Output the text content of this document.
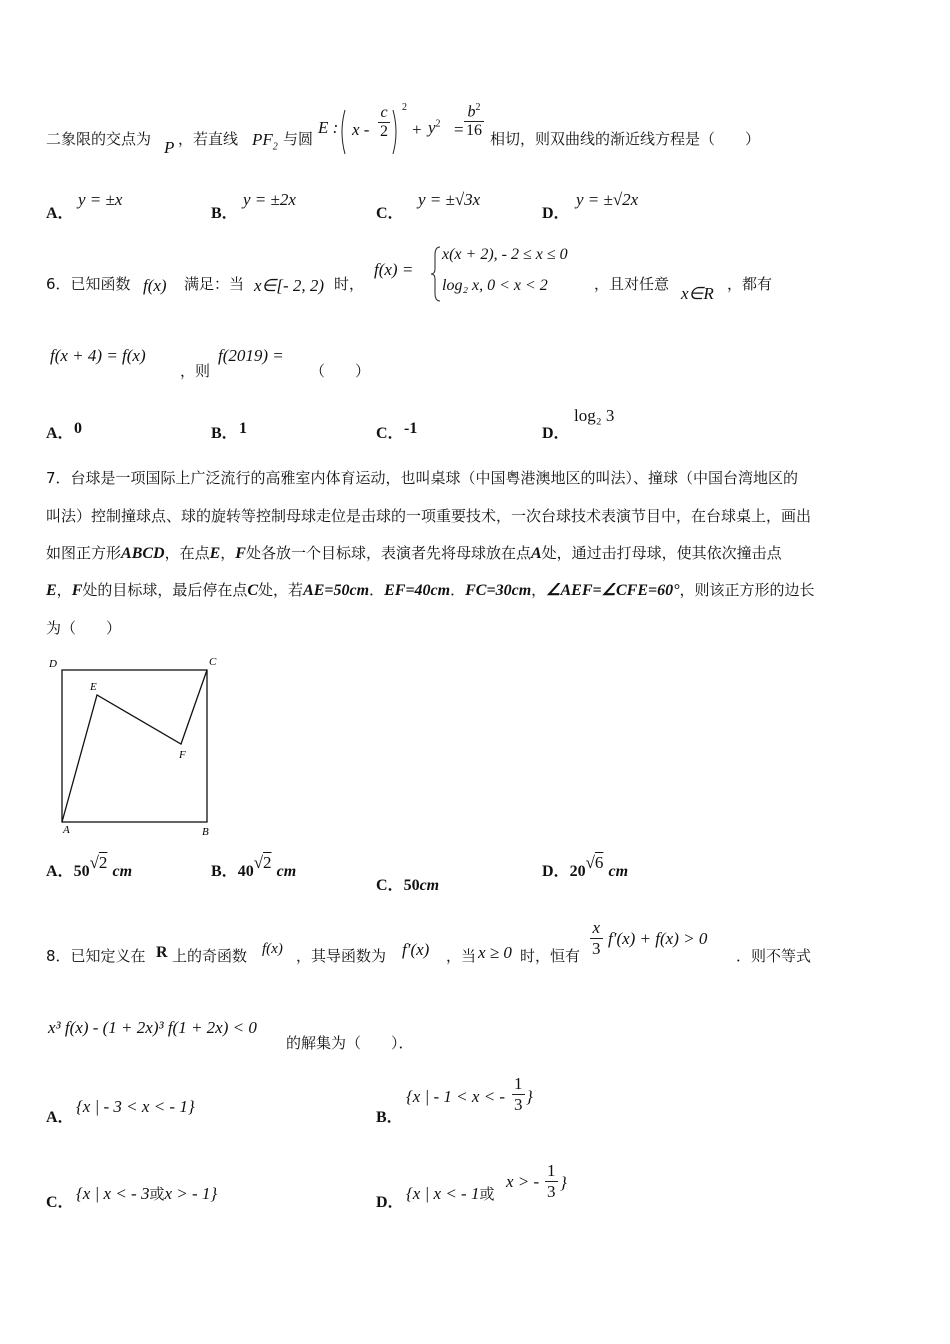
二象限的交点为 P ，若直线 $PF_2$ 与圆
E : x - $\frac{c}{2} 2$
+ $y^2 = \frac{b^2}{16}$ 相切，则双曲线的渐近线方程是（　　）
A．
y = ±x
B．
y = ±2x
C．
y = ±√3x
D．
y = ±√2x
6．已知函数 f(x) 满足：当 x∈[- 2, 2) 时，
f(x) =
x(x + 2), - 2 ≤ x ≤ 0
log₂ x, 0 < x < 2	，且对任意 x∈R ，都有
f(x + 4) = f(x)
，则
f(2019) =
（　　）
A． 0	B． 1	C． -1	D．
log₂ 3
7．台球是一项国际上广泛流行的高雅室内体育运动，也叫桌球（中国粤港澳地区的叫法）、撞球（中国台湾地区的
叫法）控制撞球点、球的旋转等控制母球走位是击球的一项重要技术，一次台球技术表演节目中，在台球桌上，画出
如图正方形ABCD，在点E，F处各放一个目标球，表演者先将母球放在点A处，通过击打母球，使其依次撞击点
E，F处的目标球，最后停在点C处，若AE=50cm．EF=40cm．FC=30cm，∠AEF=∠CFE=60°，则该正方形的边长
为（　　）
D	C
E
F
A	B
A．50√2 cm	B．40√2 cm
C．50cm
D．20√6 cm
8．已知定义在 R 上的奇函数 f(x) ，其导函数为 f′(x) ，当 x ≥ 0 时，恒有 $\frac{x}{3} f'(x) + f(x) > 0$
．则不等式
x³ f(x) - (1 + 2x)³ f(1 + 2x) < 0
的解集为（　　）．
A．
{x | - 3 < x < - 1}
B．
{x | - 1 < x < - $\frac{1}{3}$ }
C． {x | x < - 3或x > - 1}	D． {x | x < - 1或
x > - $\frac{1}{3}$ }
